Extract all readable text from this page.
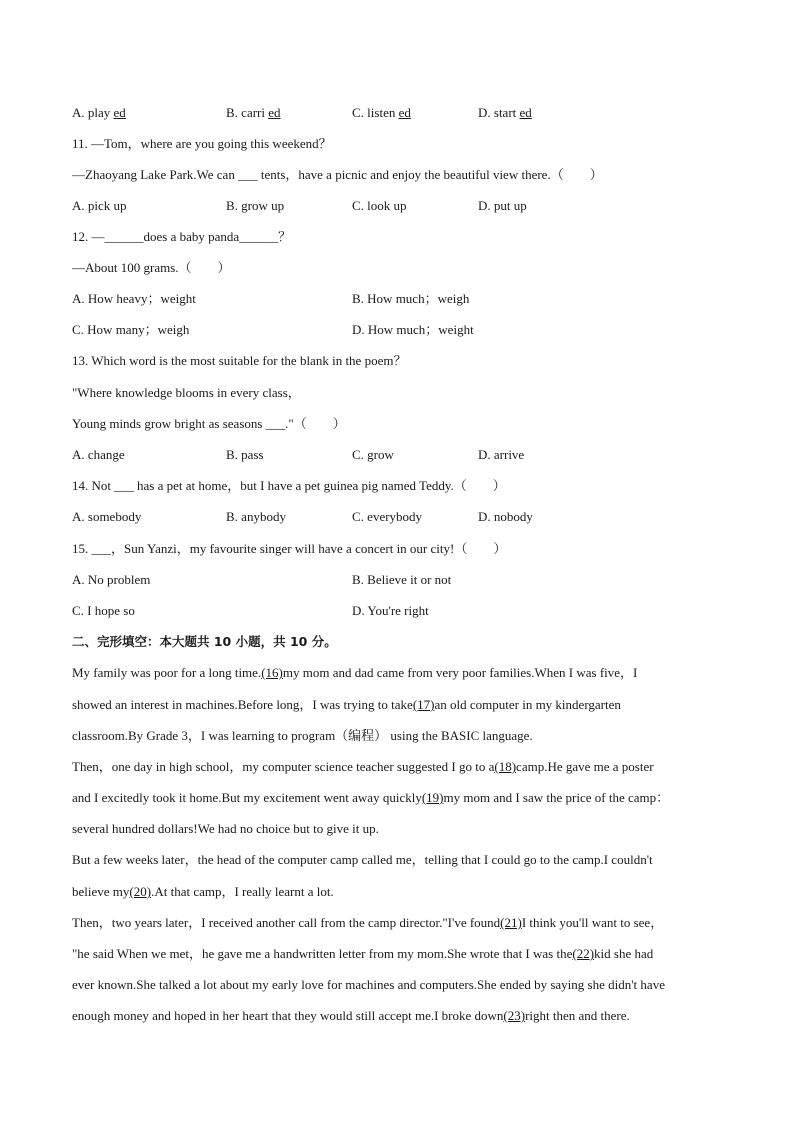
A. play ed	B. carri ed	C. listen ed	D. start ed
11. —Tom，where are you going this weekend？
—Zhaoyang Lake Park.We can ___ tents，have a picnic and enjoy the beautiful view there.（　　）
A. pick up	B. grow up	C. look up	D. put up
12. —______does a baby panda______？
—About 100 grams.（　　）
A. How heavy；weight	B. How much；weigh
C. How many；weigh	D. How much；weight
13. Which word is the most suitable for the blank in the poem？
"Where knowledge blooms in every class，
Young minds grow bright as seasons ___."（　　）
A. change	B. pass	C. grow	D. arrive
14. Not ___ has a pet at home，but I have a pet guinea pig named Teddy.（　　）
A. somebody	B. anybody	C. everybody	D. nobody
15. ___，Sun Yanzi，my favourite singer will have a concert in our city!（　　）
A. No problem	B. Believe it or not
C. I hope so	D. You're right
二、完形填空：本大题共 10 小题，共 10 分。
My family was poor for a long time.(16)my mom and dad came from very poor families.When I was five，I
showed an interest in machines.Before long，I was trying to take(17)an old computer in my kindergarten
classroom.By Grade 3，I was learning to program（编程） using the BASIC language.
Then，one day in high school，my computer science teacher suggested I go to a(18)camp.He gave me a poster
and I excitedly took it home.But my excitement went away quickly(19)my mom and I saw the price of the camp：
several hundred dollars!We had no choice but to give it up.
But a few weeks later，the head of the computer camp called me，telling that I could go to the camp.I couldn't
believe my(20).At that camp，I really learnt a lot.
Then，two years later，I received another call from the camp director."I've found(21)I think you'll want to see，
"he said When we met，he gave me a handwritten letter from my mom.She wrote that I was the(22)kid she had
ever known.She talked a lot about my early love for machines and computers.She ended by saying she didn't have
enough money and hoped in her heart that they would still accept me.I broke down(23)right then and there.
